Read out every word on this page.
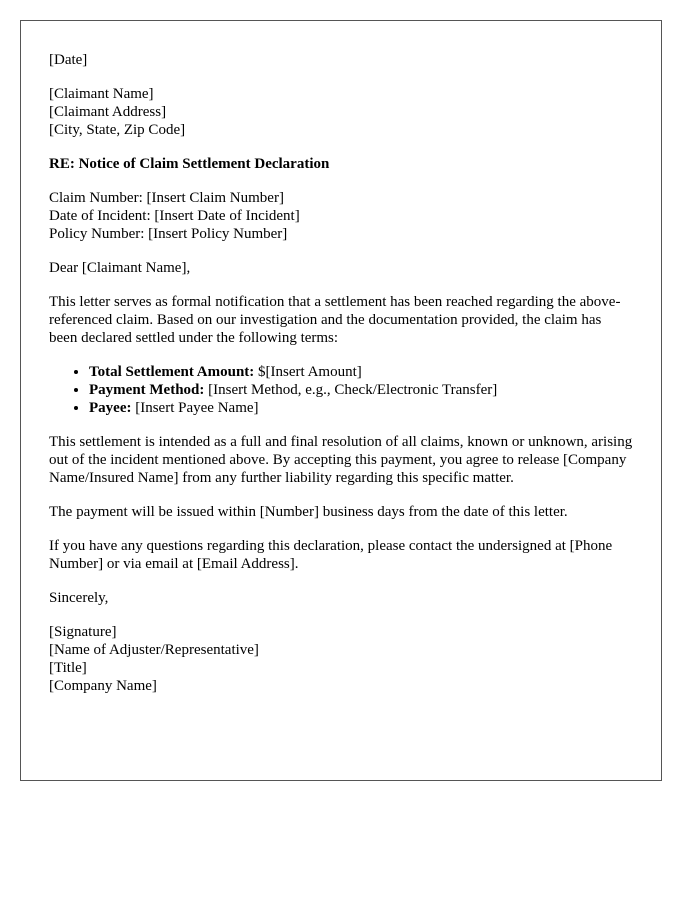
[Date]
[Claimant Name]
[Claimant Address]
[City, State, Zip Code]
RE: Notice of Claim Settlement Declaration
Claim Number: [Insert Claim Number]
Date of Incident: [Insert Date of Incident]
Policy Number: [Insert Policy Number]

Dear [Claimant Name],

This letter serves as formal notification that a settlement has been reached regarding the above-referenced claim. Based on our investigation and the documentation provided, the claim has been declared settled under the following terms:

• Total Settlement Amount: $[Insert Amount]
• Payment Method: [Insert Method, e.g., Check/Electronic Transfer]
• Payee: [Insert Payee Name]

This settlement is intended as a full and final resolution of all claims, known or unknown, arising out of the incident mentioned above. By accepting this payment, you agree to release [Company Name/Insured Name] from any further liability regarding this specific matter.

The payment will be issued within [Number] business days from the date of this letter.

If you have any questions regarding this declaration, please contact the undersigned at [Phone Number] or via email at [Email Address].

Sincerely,

[Signature]
[Name of Adjuster/Representative]
[Title]
[Company Name]
